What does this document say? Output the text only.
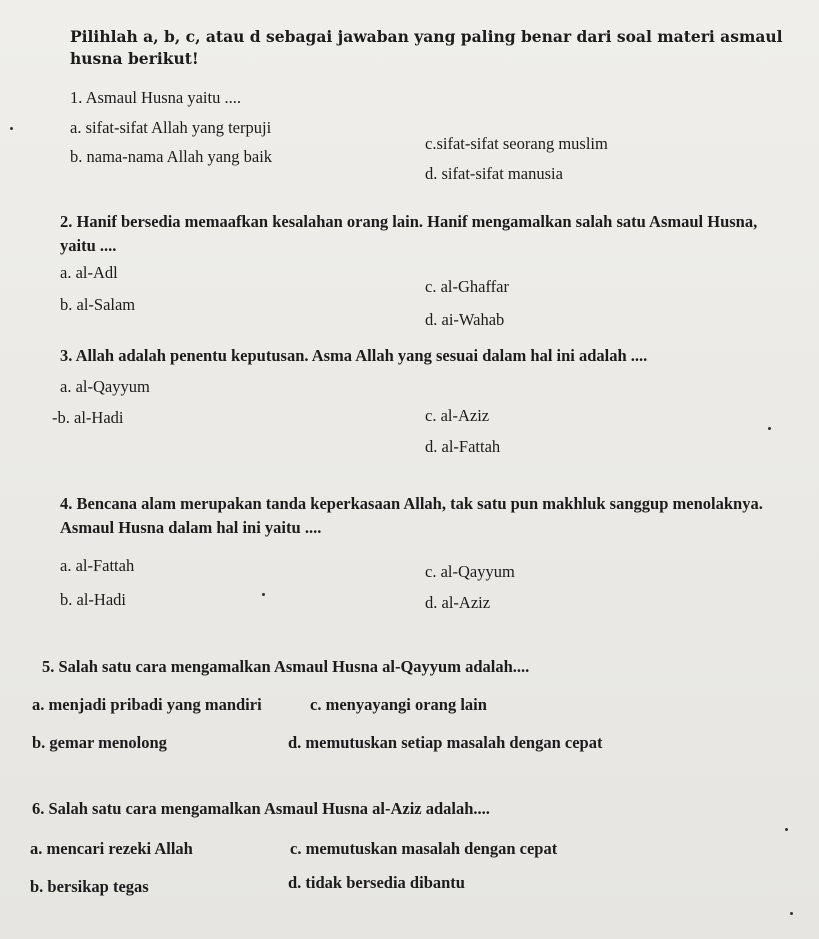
Pilihlah a, b, c, atau d sebagai jawaban yang paling benar dari soal materi asmaul husna berikut!
1. Asmaul Husna yaitu ....
a. sifat-sifat Allah yang terpuji
c.sifat-sifat seorang muslim
b. nama-nama Allah yang baik
d. sifat-sifat manusia
2. Hanif bersedia memaafkan kesalahan orang lain. Hanif mengamalkan salah satu Asmaul Husna, yaitu ....
a. al-Adl
c. al-Ghaffar
b. al-Salam
d. ai-Wahab
3. Allah adalah penentu keputusan. Asma Allah yang sesuai dalam hal ini adalah ....
a. al-Qayyum
c. al-Aziz
-b. al-Hadi
d. al-Fattah
4. Bencana alam merupakan tanda keperkasaan Allah, tak satu pun makhluk sanggup menolaknya. Asmaul Husna dalam hal ini yaitu ....
a. al-Fattah	c. al-Qayyum
b. al-Hadi	d. al-Aziz
5. Salah satu cara mengamalkan Asmaul Husna al-Qayyum adalah....
a. menjadi pribadi yang mandiri	c. menyayangi orang lain
b. gemar menolong	d. memutuskan setiap masalah dengan cepat
6. Salah satu cara mengamalkan Asmaul Husna al-Aziz adalah....
a. mencari rezeki Allah	c. memutuskan masalah dengan cepat
b. bersikap tegas	d. tidak bersedia dibantu
